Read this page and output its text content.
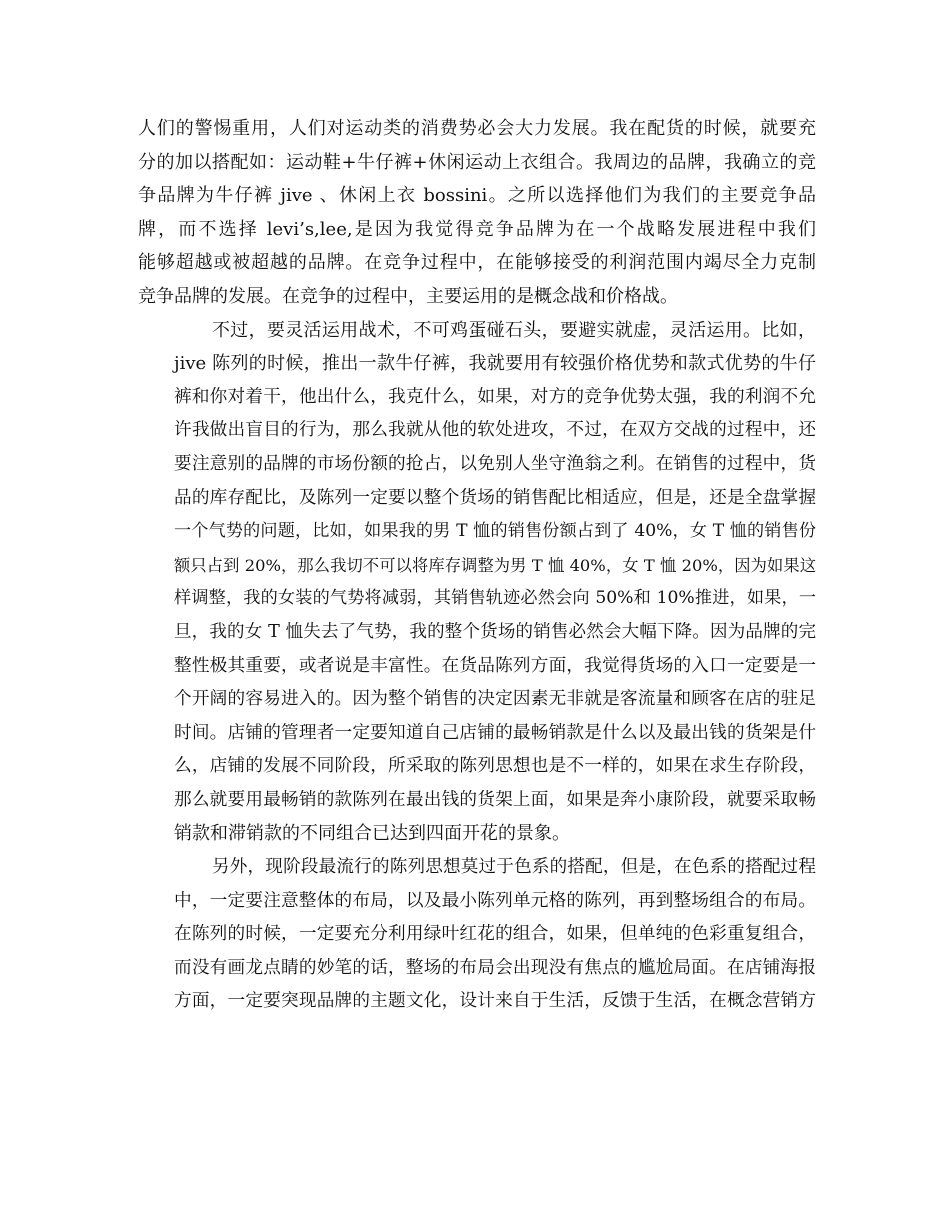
人们的警惕重用，人们对运动类的消费势必会大力发展。我在配货的时候，就要充
分的加以搭配如：运动鞋+牛仔裤+休闲运动上衣组合。我周边的品牌，我确立的竞
争品牌为牛仔裤 jive 、休闲上衣 bossini。之所以选择他们为我们的主要竞争品
牌，而不选择 levi’s,lee,是因为我觉得竞争品牌为在一个战略发展进程中我们
能够超越或被超越的品牌。在竞争过程中，在能够接受的利润范围内竭尽全力克制
竞争品牌的发展。在竞争的过程中，主要运用的是概念战和价格战。
不过，要灵活运用战术，不可鸡蛋碰石头，要避实就虚，灵活运用。比如，
jive 陈列的时候，推出一款牛仔裤，我就要用有较强价格优势和款式优势的牛仔
裤和你对着干，他出什么，我克什么，如果，对方的竞争优势太强，我的利润不允
许我做出盲目的行为，那么我就从他的软处进攻，不过，在双方交战的过程中，还
要注意别的品牌的市场份额的抢占，以免别人坐守渔翁之利。在销售的过程中，货
品的库存配比，及陈列一定要以整个货场的销售配比相适应，但是，还是全盘掌握
一个气势的问题，比如，如果我的男 T 恤的销售份额占到了 40%，女 T 恤的销售份
额只占到 20%，那么我切不可以将库存调整为男 T 恤 40%，女 T 恤 20%，因为如果这
样调整，我的女装的气势将减弱，其销售轨迹必然会向 50%和 10%推进，如果，一
旦，我的女 T 恤失去了气势，我的整个货场的销售必然会大幅下降。因为品牌的完
整性极其重要，或者说是丰富性。在货品陈列方面，我觉得货场的入口一定要是一
个开阔的容易进入的。因为整个销售的决定因素无非就是客流量和顾客在店的驻足
时间。店铺的管理者一定要知道自己店铺的最畅销款是什么以及最出钱的货架是什
么，店铺的发展不同阶段，所采取的陈列思想也是不一样的，如果在求生存阶段，
那么就要用最畅销的款陈列在最出钱的货架上面，如果是奔小康阶段，就要采取畅
销款和滞销款的不同组合已达到四面开花的景象。
另外，现阶段最流行的陈列思想莫过于色系的搭配，但是，在色系的搭配过程
中，一定要注意整体的布局，以及最小陈列单元格的陈列，再到整场组合的布局。
在陈列的时候，一定要充分利用绿叶红花的组合，如果，但单纯的色彩重复组合，
而没有画龙点睛的妙笔的话，整场的布局会出现没有焦点的尴尬局面。在店铺海报
方面，一定要突现品牌的主题文化，设计来自于生活，反馈于生活，在概念营销方
